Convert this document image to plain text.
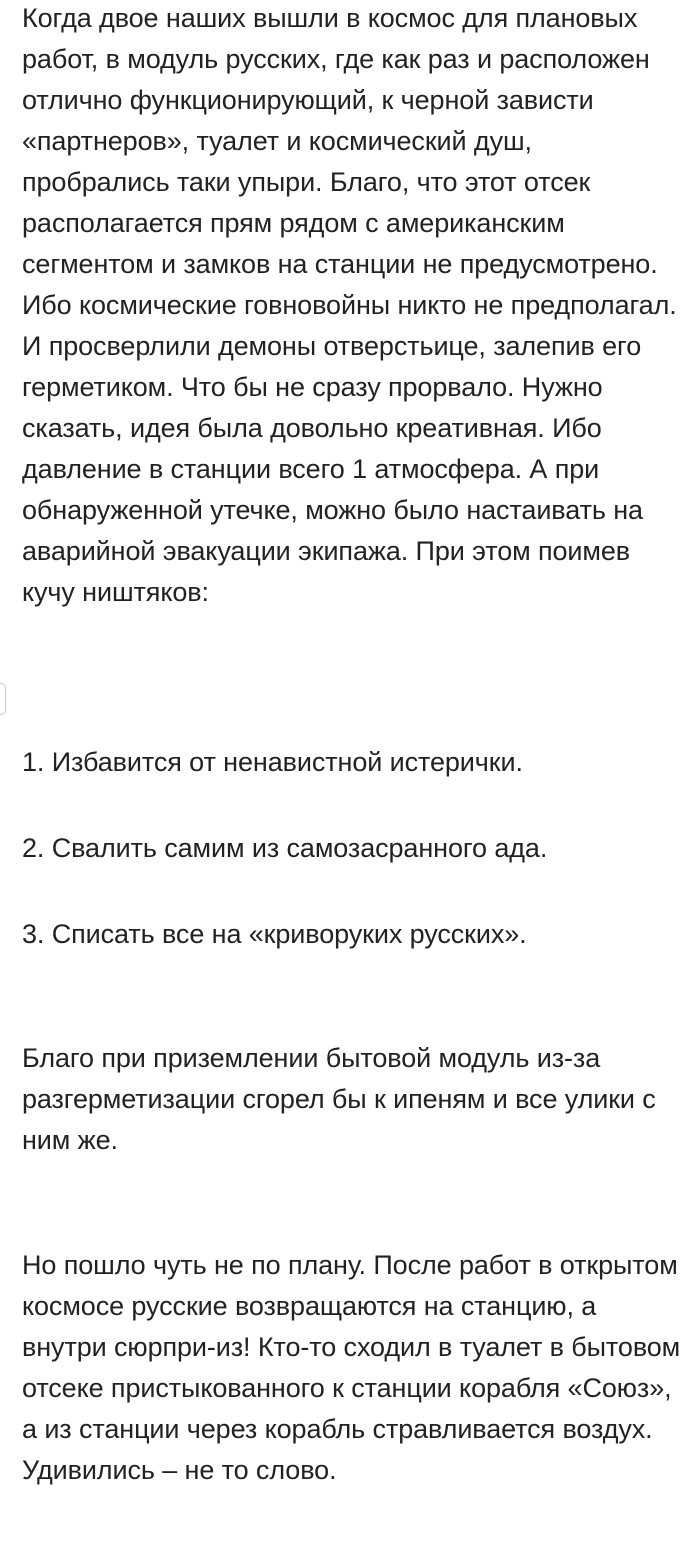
Когда двое наших вышли в космос для плановых работ, в модуль русских, где как раз и расположен отлично функционирующий, к черной зависти «партнеров», туалет и космический душ, пробрались таки упыри. Благо, что этот отсек располагается прям рядом с американским сегментом и замков на станции не предусмотрено. Ибо космические говновойны никто не предполагал. И просверлили демоны отверстьице, залепив его герметиком. Что бы не сразу прорвало. Нужно сказать, идея была довольно креативная. Ибо давление в станции всего 1 атмосфера. А при обнаруженной утечке, можно было настаивать на аварийной эвакуации экипажа. При этом поимев кучу ништяков:

1. Избавится от ненавистной истерички.
2. Свалить самим из самозасранного ада.
3. Списать все на «криворуких русских».

Благо при приземлении бытовой модуль из-за разгерметизации сгорел бы к ипеням и все улики с ним же.

Но пошло чуть не по плану. После работ в открытом космосе русские возвращаются на станцию, а внутри сюрпри-из! Кто-то сходил в туалет в бытовом отсеке пристыкованного к станции корабля «Союз», а из станции через корабль стравливается воздух. Удивились – не то слово.
